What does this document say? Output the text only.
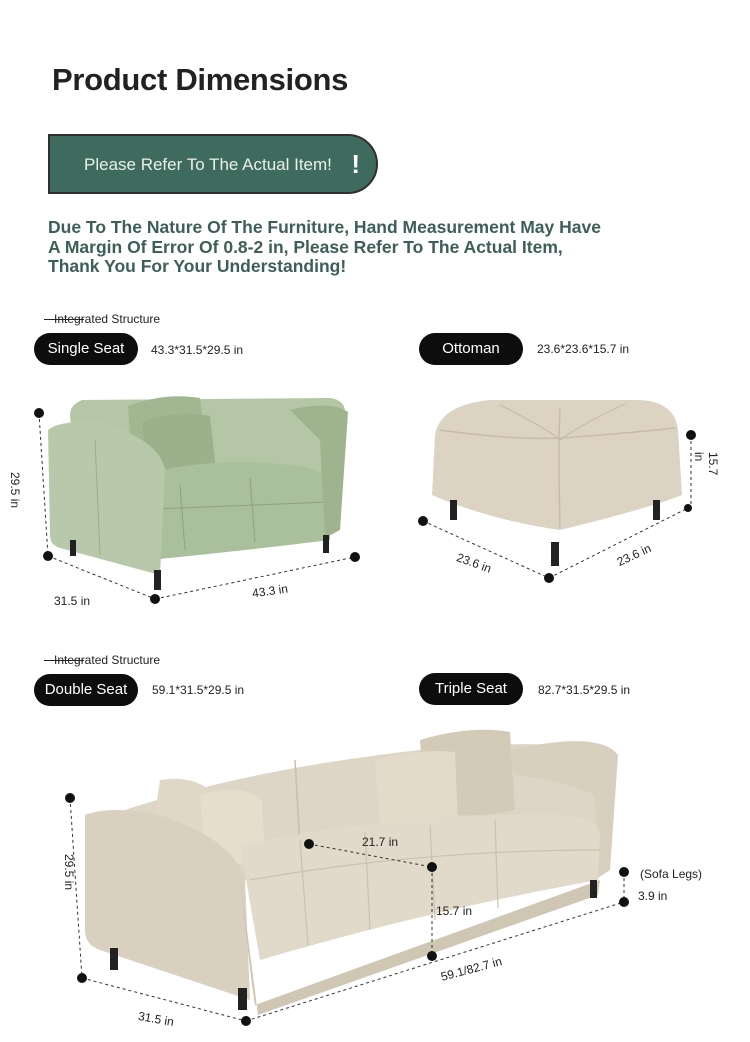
Product Dimensions
Please Refer To The Actual Item! !
Due To The Nature Of The Furniture, Hand Measurement May Have A Margin Of Error Of 0.8-2 in, Please Refer To The Actual Item, Thank You For Your Understanding!
Integrated Structure
Single Seat	43.3*31.5*29.5 in	Ottoman	23.6*23.6*15.7 in
29.5 in
31.5 in
43.3 in
23.6 in	23.6 in
15.7 in
Integrated Structure
Double Seat	59.1*31.5*29.5 in	Triple Seat	82.7*31.5*29.5 in
29.5 in
31.5 in
59.1/82.7 in
21.7 in
15.7 in
(Sofa Legs)
3.9 in
